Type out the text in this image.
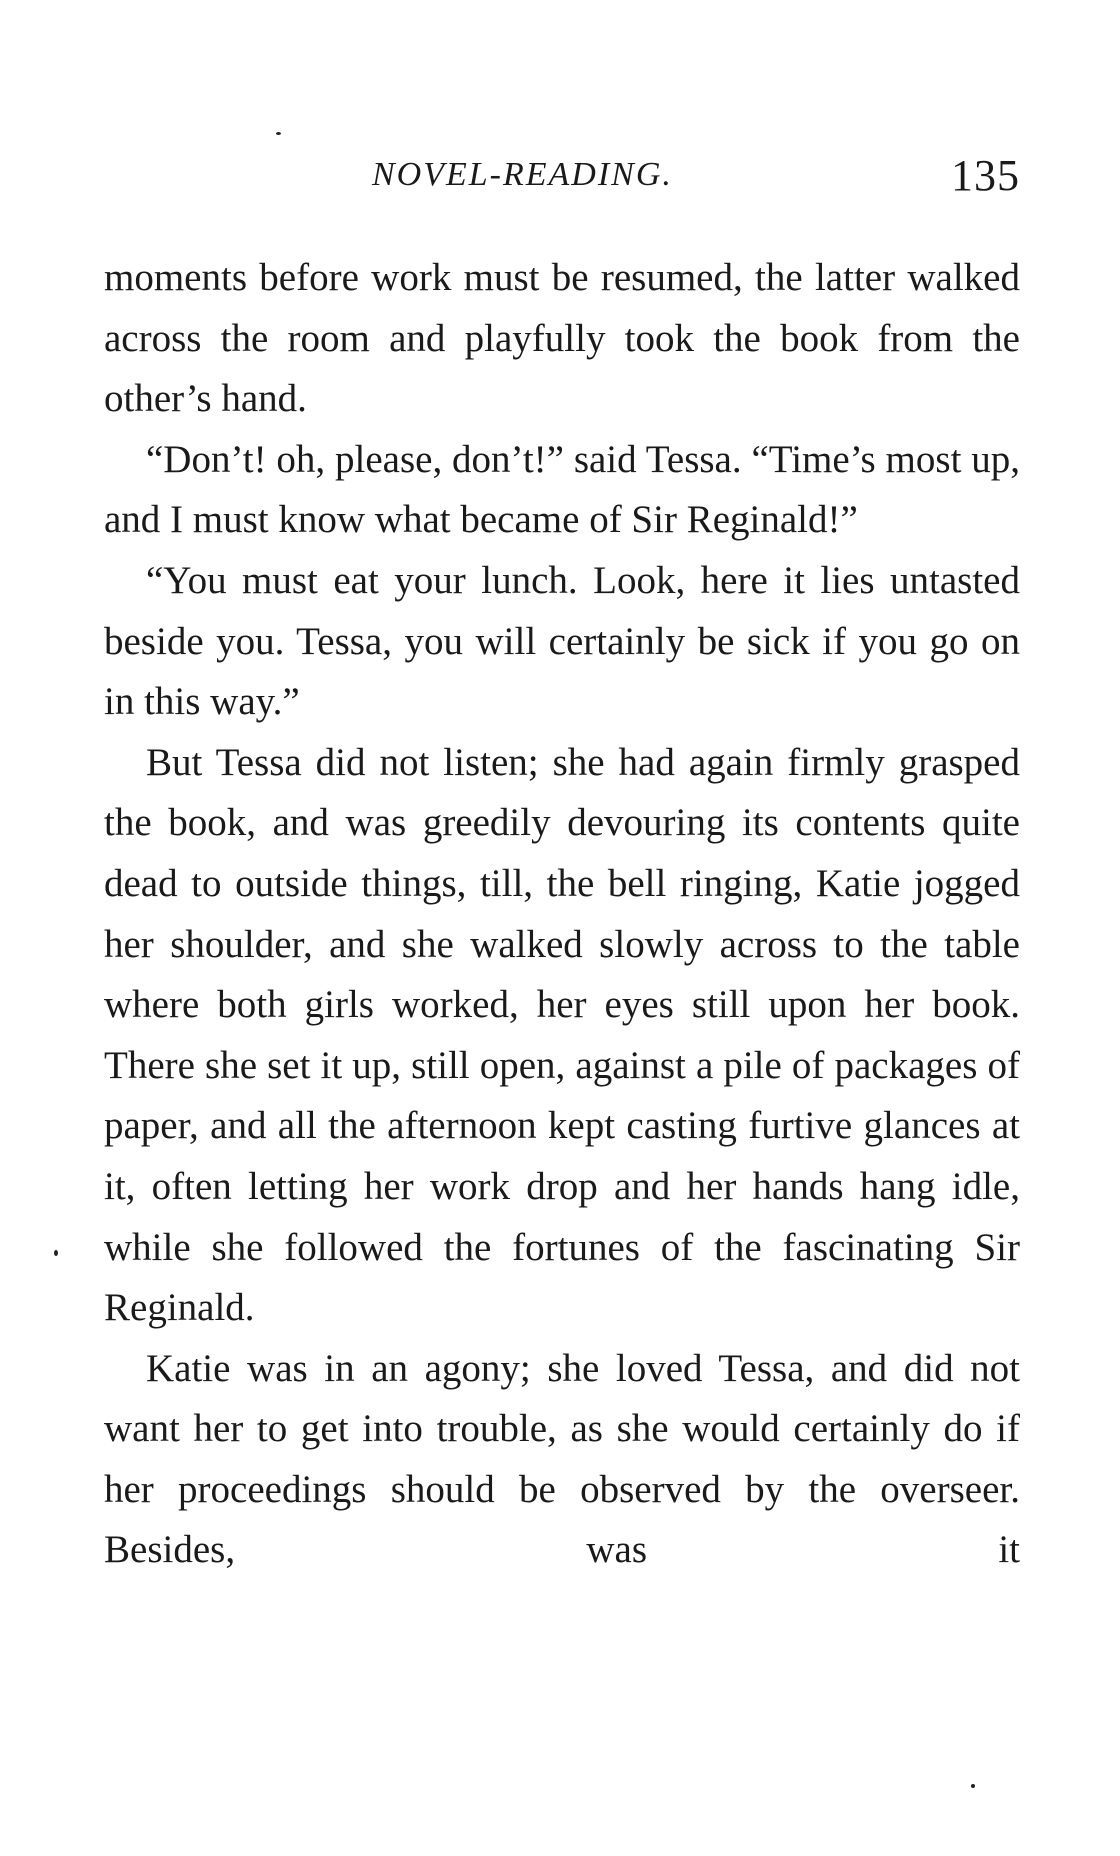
NOVEL-READING.	135

moments before work must be resumed, the latter walked across the room and playfully took the book from the other’s hand.

“Don’t! oh, please, don’t!” said Tessa. “Time’s most up, and I must know what became of Sir Reginald!”

“You must eat your lunch. Look, here it lies untasted beside you. Tessa, you will certainly be sick if you go on in this way.”

But Tessa did not listen; she had again firmly grasped the book, and was greedily devouring its contents quite dead to outside things, till, the bell ringing, Katie jogged her shoulder, and she walked slowly across to the table where both girls worked, her eyes still upon her book. There she set it up, still open, against a pile of packages of paper, and all the afternoon kept casting furtive glances at it, often letting her work drop and her hands hang idle, while she followed the fortunes of the fascinating Sir Reginald.

Katie was in an agony; she loved Tessa, and did not want her to get into trouble, as she would certainly do if her proceedings should be observed by the overseer. Besides, was it
